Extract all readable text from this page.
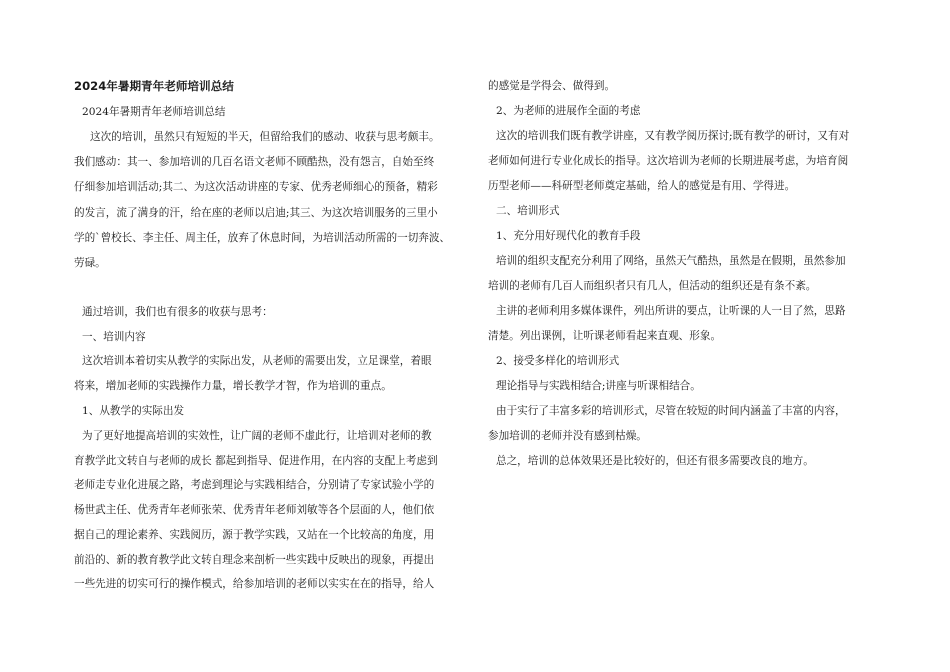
2024年暑期青年老师培训总结
2024年暑期青年老师培训总结
这次的培训，虽然只有短短的半天，但留给我们的感动、收获与思考颇丰。
我们感动：其一、参加培训的几百名语文老师不顾酷热，没有怨言，自始至终
仔细参加培训活动;其二、为这次活动讲座的专家、优秀老师细心的预备，精彩
的发言，流了满身的汗，给在座的老师以启迪;其三、为这次培训服务的三里小
学的`曾校长、李主任、周主任，放弃了休息时间，为培训活动所需的一切奔波、
劳碌。
通过培训，我们也有很多的收获与思考：
一、培训内容
这次培训本着切实从教学的实际出发，从老师的需要出发，立足课堂，着眼
将来，增加老师的实践操作力量，增长教学才智，作为培训的重点。
1、从教学的实际出发
为了更好地提高培训的实效性，让广阔的老师不虚此行，让培训对老师的教
育教学此文转自与老师的成长 都起到指导、促进作用，在内容的支配上考虑到
老师走专业化进展之路，考虑到理论与实践相结合，分别请了专家试验小学的
杨世武主任、优秀青年老师张荣、优秀青年老师刘敏等各个层面的人，他们依
据自己的理论素养、实践阅历，源于教学实践，又站在一个比较高的角度，用
前沿的、新的教育教学此文转自理念来剖析一些实践中反映出的现象，再提出
一些先进的切实可行的操作模式，给参加培训的老师以实实在在的指导，给人
的感觉是学得会、做得到。
2、为老师的进展作全面的考虑
这次的培训我们既有教学讲座，又有教学阅历探讨;既有教学的研讨，又有对
老师如何进行专业化成长的指导。这次培训为老师的长期进展考虑，为培育阅
历型老师——科研型老师奠定基础，给人的感觉是有用、学得进。
二、培训形式
1、充分用好现代化的教育手段
培训的组织支配充分利用了网络，虽然天气酷热，虽然是在假期，虽然参加
培训的老师有几百人而组织者只有几人，但活动的组织还是有条不紊。
主讲的老师利用多媒体课件，列出所讲的要点，让听课的人一目了然，思路
清楚。列出课例，让听课老师看起来直观、形象。
2、接受多样化的培训形式
理论指导与实践相结合;讲座与听课相结合。
由于实行了丰富多彩的培训形式，尽管在较短的时间内涵盖了丰富的内容，
参加培训的老师并没有感到枯燥。
总之，培训的总体效果还是比较好的，但还有很多需要改良的地方。
